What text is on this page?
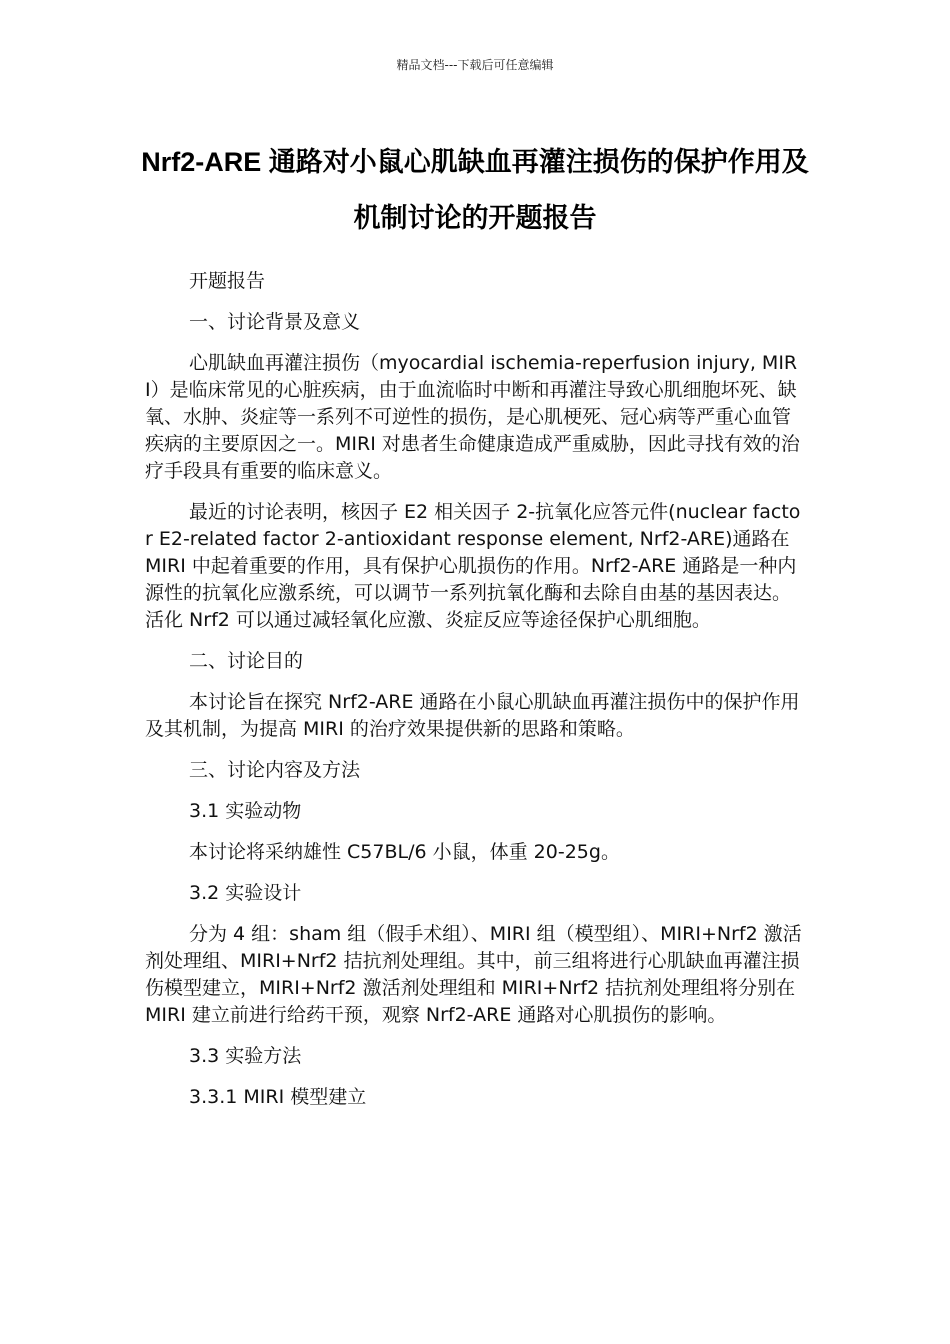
精品文档---下载后可任意编辑
Nrf2-ARE 通路对小鼠心肌缺血再灌注损伤的保护作用及机制讨论的开题报告
开题报告
一、讨论背景及意义
心肌缺血再灌注损伤（myocardial ischemia-reperfusion injury, MIRI）是临床常见的心脏疾病，由于血流临时中断和再灌注导致心肌细胞坏死、缺氧、水肿、炎症等一系列不可逆性的损伤，是心肌梗死、冠心病等严重心血管疾病的主要原因之一。MIRI 对患者生命健康造成严重威胁，因此寻找有效的治疗手段具有重要的临床意义。
最近的讨论表明，核因子 E2 相关因子 2-抗氧化应答元件(nuclear factor E2-related factor 2-antioxidant response element, Nrf2-ARE)通路在 MIRI 中起着重要的作用，具有保护心肌损伤的作用。Nrf2-ARE 通路是一种内源性的抗氧化应激系统，可以调节一系列抗氧化酶和去除自由基的基因表达。活化 Nrf2 可以通过减轻氧化应激、炎症反应等途径保护心肌细胞。
二、讨论目的
本讨论旨在探究 Nrf2-ARE 通路在小鼠心肌缺血再灌注损伤中的保护作用及其机制，为提高 MIRI 的治疗效果提供新的思路和策略。
三、讨论内容及方法
3.1 实验动物
本讨论将采纳雄性 C57BL/6 小鼠，体重 20-25g。
3.2 实验设计
分为 4 组：sham 组（假手术组）、MIRI 组（模型组）、MIRI+Nrf2 激活剂处理组、MIRI+Nrf2 拮抗剂处理组。其中，前三组将进行心肌缺血再灌注损伤模型建立，MIRI+Nrf2 激活剂处理组和 MIRI+Nrf2 拮抗剂处理组将分别在 MIRI 建立前进行给药干预，观察 Nrf2-ARE 通路对心肌损伤的影响。
3.3 实验方法
3.3.1 MIRI 模型建立
